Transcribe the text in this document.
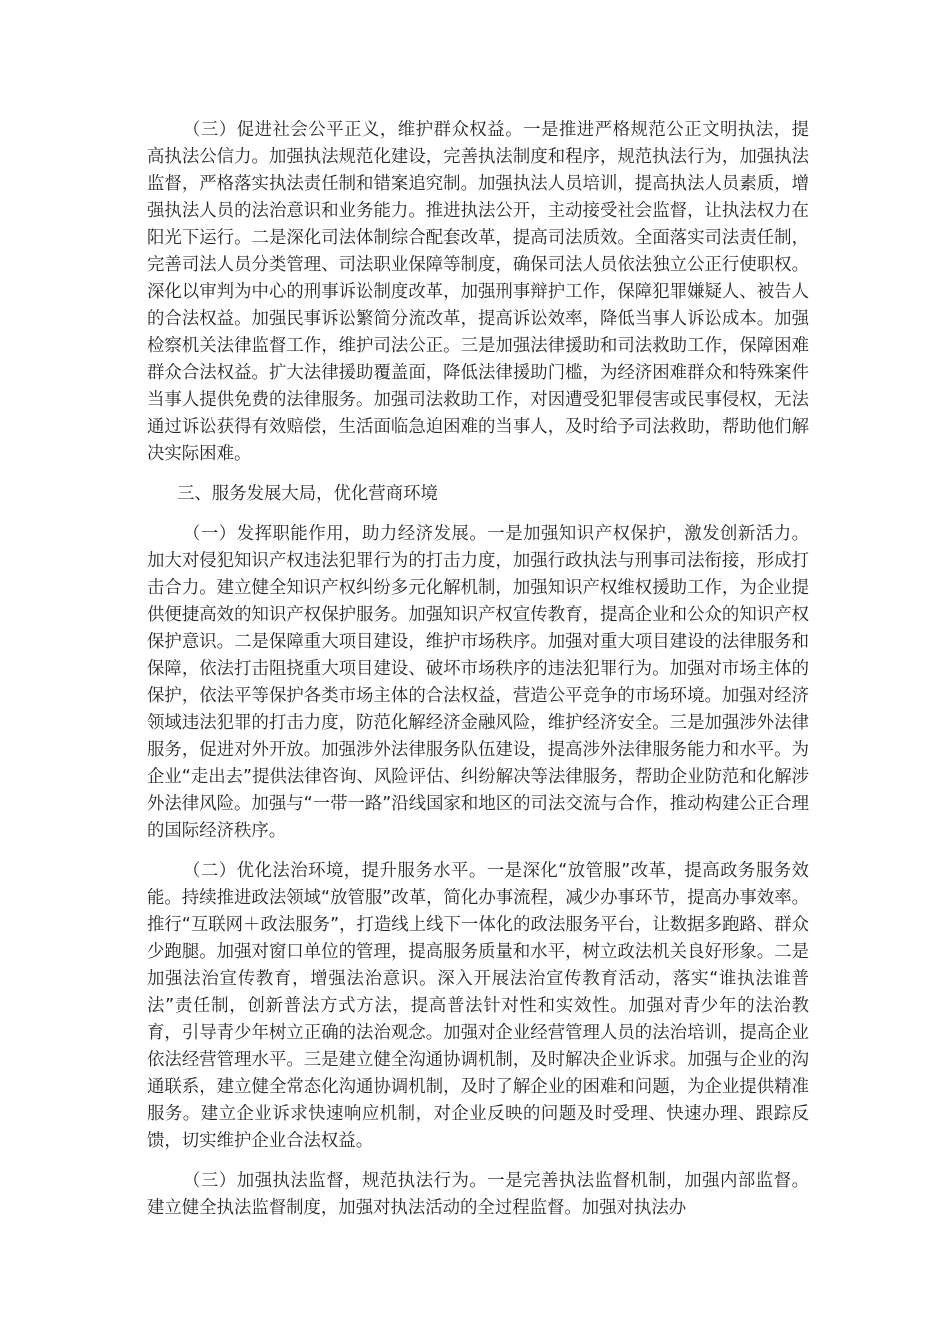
（三）促进社会公平正义，维护群众权益。一是推进严格规范公正文明执法，提高执法公信力。加强执法规范化建设，完善执法制度和程序，规范执法行为，加强执法监督，严格落实执法责任制和错案追究制。加强执法人员培训，提高执法人员素质，增强执法人员的法治意识和业务能力。推进执法公开，主动接受社会监督，让执法权力在阳光下运行。二是深化司法体制综合配套改革，提高司法质效。全面落实司法责任制，完善司法人员分类管理、司法职业保障等制度，确保司法人员依法独立公正行使职权。深化以审判为中心的刑事诉讼制度改革，加强刑事辩护工作，保障犯罪嫌疑人、被告人的合法权益。加强民事诉讼繁简分流改革，提高诉讼效率，降低当事人诉讼成本。加强检察机关法律监督工作，维护司法公正。三是加强法律援助和司法救助工作，保障困难群众合法权益。扩大法律援助覆盖面，降低法律援助门槛，为经济困难群众和特殊案件当事人提供免费的法律服务。加强司法救助工作，对因遭受犯罪侵害或民事侵权，无法通过诉讼获得有效赔偿，生活面临急迫困难的当事人，及时给予司法救助，帮助他们解决实际困难。

三、服务发展大局，优化营商环境

（一）发挥职能作用，助力经济发展。一是加强知识产权保护，激发创新活力。加大对侵犯知识产权违法犯罪行为的打击力度，加强行政执法与刑事司法衔接，形成打击合力。建立健全知识产权纠纷多元化解机制，加强知识产权维权援助工作，为企业提供便捷高效的知识产权保护服务。加强知识产权宣传教育，提高企业和公众的知识产权保护意识。二是保障重大项目建设，维护市场秩序。加强对重大项目建设的法律服务和保障，依法打击阻挠重大项目建设、破坏市场秩序的违法犯罪行为。加强对市场主体的保护，依法平等保护各类市场主体的合法权益，营造公平竞争的市场环境。加强对经济领域违法犯罪的打击力度，防范化解经济金融风险，维护经济安全。三是加强涉外法律服务，促进对外开放。加强涉外法律服务队伍建设，提高涉外法律服务能力和水平。为企业“走出去”提供法律咨询、风险评估、纠纷解决等法律服务，帮助企业防范和化解涉外法律风险。加强与“一带一路”沿线国家和地区的司法交流与合作，推动构建公正合理的国际经济秩序。

（二）优化法治环境，提升服务水平。一是深化“放管服”改革，提高政务服务效能。持续推进政法领域“放管服”改革，简化办事流程，减少办事环节，提高办事效率。推行“互联网＋政法服务”，打造线上线下一体化的政法服务平台，让数据多跑路、群众少跑腿。加强对窗口单位的管理，提高服务质量和水平，树立政法机关良好形象。二是加强法治宣传教育，增强法治意识。深入开展法治宣传教育活动，落实“谁执法谁普法”责任制，创新普法方式方法，提高普法针对性和实效性。加强对青少年的法治教育，引导青少年树立正确的法治观念。加强对企业经营管理人员的法治培训，提高企业依法经营管理水平。三是建立健全沟通协调机制，及时解决企业诉求。加强与企业的沟通联系，建立健全常态化沟通协调机制，及时了解企业的困难和问题，为企业提供精准服务。建立企业诉求快速响应机制，对企业反映的问题及时受理、快速办理、跟踪反馈，切实维护企业合法权益。

（三）加强执法监督，规范执法行为。一是完善执法监督机制，加强内部监督。建立健全执法监督制度，加强对执法活动的全过程监督。加强对执法办
